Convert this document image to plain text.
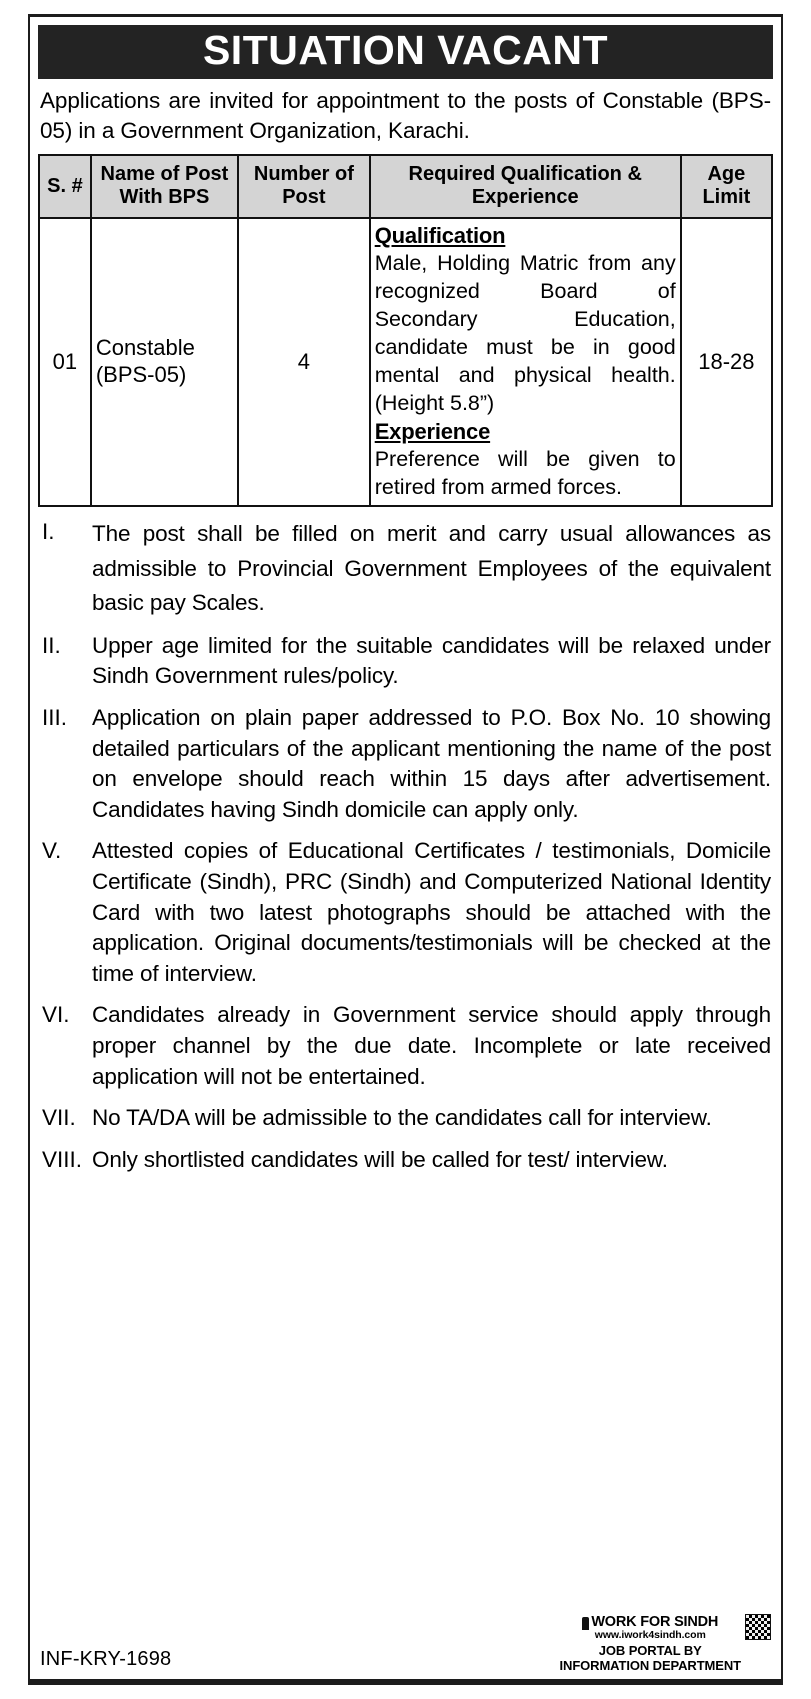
SITUATION VACANT
Applications are invited for appointment to the posts of Constable (BPS-05) in a Government Organization, Karachi.
S. #	Name of Post With BPS	Number of Post	Required Qualification & Experience	Age Limit
01	Constable (BPS-05)	4	Qualification
Male, Holding Matric from any recognized Board of Secondary Education, candidate must be in good mental and physical health. (Height 5.8”)
Experience
Preference will be given to retired from armed forces.	18-28
I.	The post shall be filled on merit and carry usual allowances as admissible to Provincial Government Employees of the equivalent basic pay Scales.
II.	Upper age limited for the suitable candidates will be relaxed under Sindh Government rules/policy.
III.	Application on plain paper addressed to P.O. Box No. 10 showing detailed particulars of the applicant mentioning the name of the post on envelope should reach within 15 days after advertisement. Candidates having Sindh domicile can apply only.
V.	Attested copies of Educational Certificates / testimonials, Domicile Certificate (Sindh), PRC (Sindh) and Computerized National Identity Card with two latest photographs should be attached with the application. Original documents/testimonials will be checked at the time of interview.
VI. Candidates already in Government service should apply through proper channel by the due date. Incomplete or late received application will not be entertained.
VII. No TA/DA will be admissible to the candidates call for interview.
VIII. Only shortlisted candidates will be called for test/ interview.
INF-KRY-1698
WORK FOR SINDH
www.iwork4sindh.com
JOB PORTAL BY
INFORMATION DEPARTMENT
